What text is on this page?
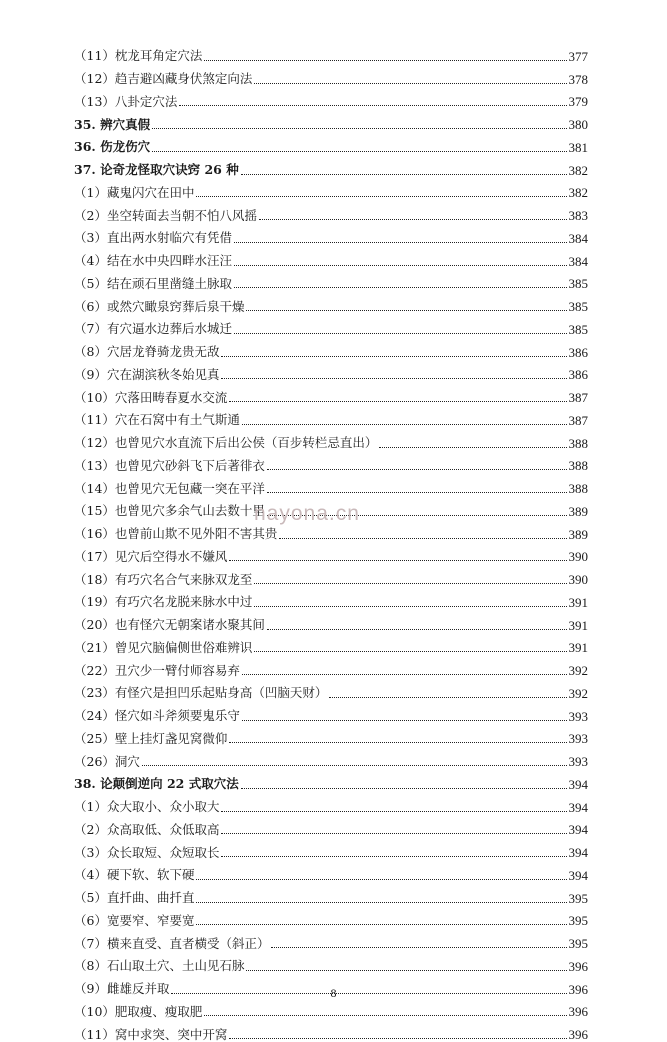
（11）枕龙耳角定穴法	377
（12）趋吉避凶藏身伏煞定向法	378
（13）八卦定穴法	379
35. 辨穴真假	380
36. 伤龙伤穴	381
37. 论奇龙怪取穴诀窍 26 种	382
（1）藏鬼闪穴在田中	382
（2）坐空转面去当朝不怕八风摇	383
（3）直出两水射临穴有凭借	384
（4）结在水中央四畔水汪汪	384
（5）结在顽石里凿缝土脉取	385
（6）或然穴瞰泉窍葬后泉干燥	385
（7）有穴逼水边葬后水城迁	385
（8）穴居龙脊骑龙贵无敌	386
（9）穴在湖滨秋冬始见真	386
（10）穴落田畴春夏水交流	387
（11）穴在石窝中有土气斯通	387
（12）也曾见穴水直流下后出公侯（百步转栏忌直出）	388
（13）也曾见穴砂斜飞下后著徘衣	388
（14）也曾见穴无包藏一突在平洋	388
（15）也曾见穴多余气山去数十里	389
（16）也曾前山欺不见外阳不害其贵	389
（17）见穴后空得水不嫌风	390
（18）有巧穴名合气来脉双龙至	390
（19）有巧穴名龙脱来脉水中过	391
（20）也有怪穴无朝案诸水聚其间	391
（21）曾见穴脑偏侧世俗难辨识	391
（22）丑穴少一臂付师容易弃	392
（23）有怪穴是担凹乐起贴身高（凹脑天财）	392
（24）怪穴如斗斧须要鬼乐守	393
（25）壁上挂灯盏见窝微仰	393
（26）洞穴	393
38. 论颠倒逆向 22 式取穴法	394
（1）众大取小、众小取大	394
（2）众高取低、众低取高	394
（3）众长取短、众短取长	394
（4）硬下软、软下硬	394
（5）直扦曲、曲扦直	395
（6）宽要窄、窄要宽	395
（7）横来直受、直者横受（斜正）	395
（8）石山取土穴、土山见石脉	396
（9）雌雄反并取	396
（10）肥取瘦、瘦取肥	396
（11）窝中求突、突中开窝	396
nayona.cn
8
